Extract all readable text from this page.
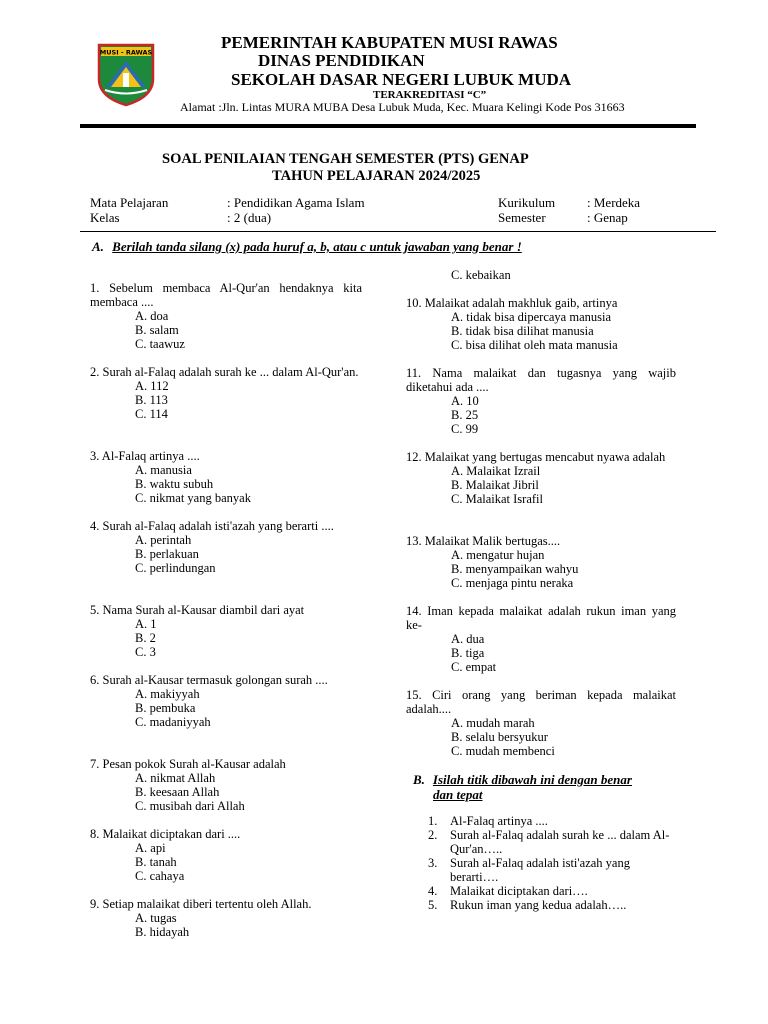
MUSI - RAWAS
PEMERINTAH KABUPATEN MUSI RAWAS
DINAS PENDIDIKAN
SEKOLAH DASAR NEGERI LUBUK MUDA
TERAKREDITASI “C”
Alamat :Jln. Lintas MURA MUBA Desa Lubuk Muda, Kec. Muara Kelingi Kode Pos 31663
SOAL PENILAIAN TENGAH SEMESTER (PTS) GENAP
TAHUN PELAJARAN 2024/2025
Mata Pelajaran	: Pendidikan Agama Islam
Kelas	: 2 (dua)
Kurikulum : Merdeka
Semester	: Genap
A. Berilah tanda silang (x) pada huruf a, b, atau c untuk jawaban yang benar !
1. Sebelum membaca Al-Qur'an hendaknya kita membaca ....
A. doa
B. salam
C. taawuz
2. Surah al-Falaq adalah surah ke ... dalam Al-Qur'an.
A. 112
B. 113
C. 114
3. Al-Falaq artinya ....
A. manusia
B. waktu subuh
C. nikmat yang banyak
4. Surah al-Falaq adalah isti'azah yang berarti ....
A. perintah
B. perlakuan
C. perlindungan
5. Nama Surah al-Kausar diambil dari ayat
A. 1
B. 2
C. 3
6. Surah al-Kausar termasuk golongan surah ....
A. makiyyah
B. pembuka
C. madaniyyah
7. Pesan pokok Surah al-Kausar adalah
A. nikmat Allah
B. keesaan Allah
C. musibah dari Allah
8. Malaikat diciptakan dari ....
A. api
B. tanah
C. cahaya
9. Setiap malaikat diberi tertentu oleh Allah.
A. tugas
B. hidayah
10. Malaikat adalah makhluk gaib, artinya
A. tidak bisa dipercaya manusia
B. tidak bisa dilihat manusia
C. bisa dilihat oleh mata manusia
11. Nama malaikat dan tugasnya yang wajib diketahui ada ....
A. 10
B. 25
C. 99
12. Malaikat yang bertugas mencabut nyawa adalah
A. Malaikat Izrail
B. Malaikat Jibril
C. Malaikat Israfil
13. Malaikat Malik bertugas....
A. mengatur hujan
B. menyampaikan wahyu
C. menjaga pintu neraka
14. Iman kepada malaikat adalah rukun iman yang ke-
A. dua
B. tiga
C. empat
15. Ciri orang yang beriman kepada malaikat adalah....
A. mudah marah
B. selalu bersyukur
C. mudah membenci
C. kebaikan
B. Isilah titik dibawah ini dengan benar
dan tepat
1. Al-Falaq artinya ....
2. Surah al-Falaq adalah surah ke ... dalam Al-Qur'an…..
3. Surah al-Falaq adalah isti'azah yang berarti….
4. Malaikat diciptakan dari….
5. Rukun iman yang kedua adalah…..
